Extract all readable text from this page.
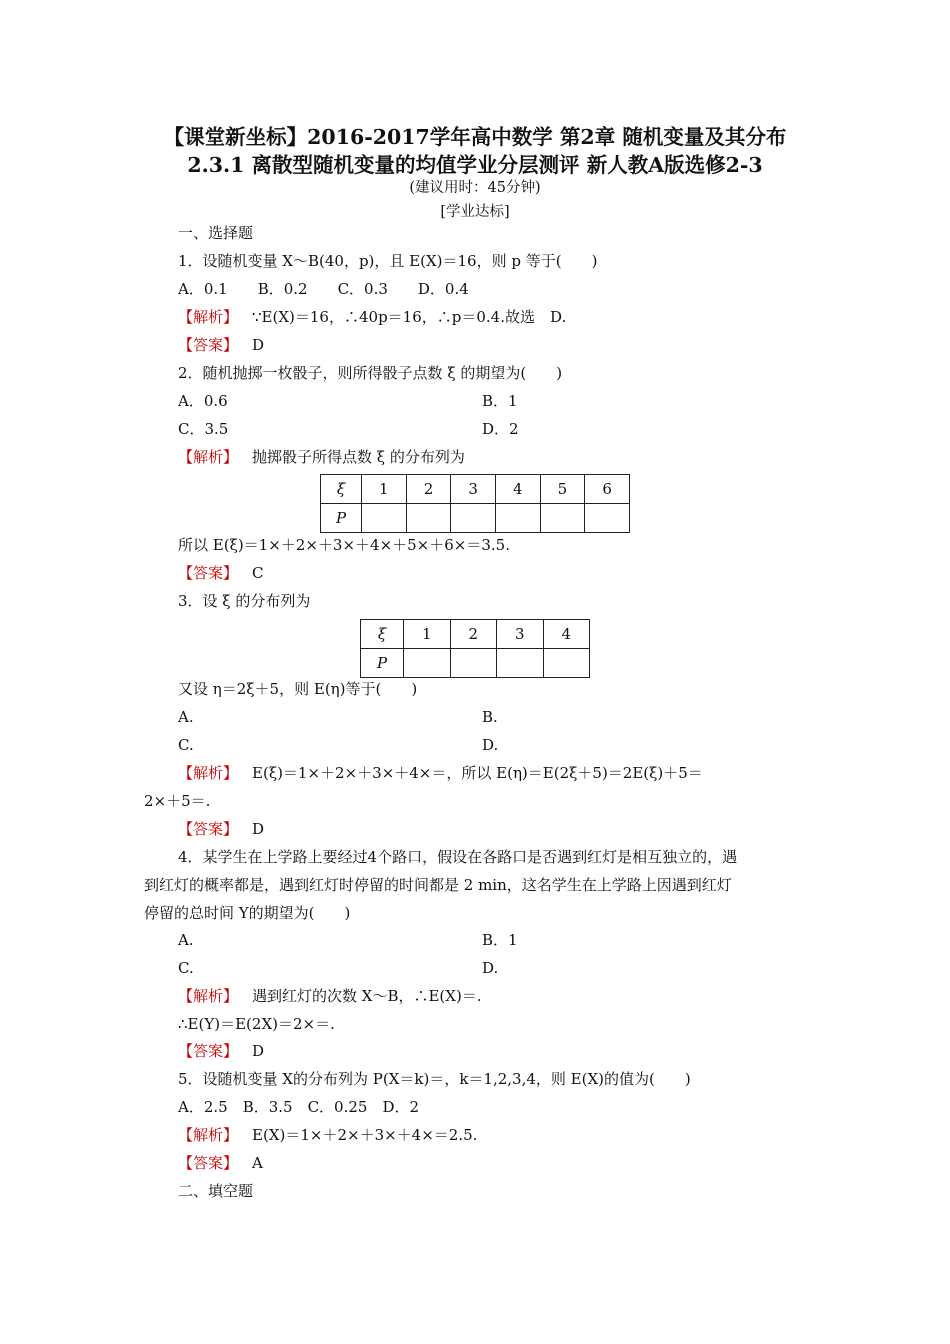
【课堂新坐标】2016-2017学年高中数学 第2章 随机变量及其分布
2.3.1 离散型随机变量的均值学业分层测评 新人教A版选修2-3
(建议用时：45分钟)
[学业达标]
一、选择题
1．设随机变量 X～B(40，p)，且 E(X)＝16，则 p 等于(　　)
A．0.1　　B．0.2　　C．0.3　　D．0.4
【解析】 ∵E(X)＝16，∴40p＝16，∴p＝0.4.故选　D.
【答案】 D
2．随机抛掷一枚骰子，则所得骰子点数 ξ 的期望为(　　)
A．0.6	B．1
C．3.5	D．2
【解析】 抛掷骰子所得点数 ξ 的分布列为
ξ	1	2	3	4	5	6
P						
所以 E(ξ)＝1×＋2×＋3×＋4×＋5×＋6×＝3.5.
【答案】 C
3．设 ξ 的分布列为
ξ	1	2	3	4
P				
又设 η＝2ξ＋5，则 E(η)等于(　　)
A.	B.
C.	D.
【解析】 E(ξ)＝1×＋2×＋3×＋4×＝，所以 E(η)＝E(2ξ＋5)＝2E(ξ)＋5＝
2×＋5＝.
【答案】 D
4．某学生在上学路上要经过4个路口，假设在各路口是否遇到红灯是相互独立的，遇
到红灯的概率都是，遇到红灯时停留的时间都是 2 min，这名学生在上学路上因遇到红灯
停留的总时间 Y的期望为(　　)
A.	B．1
C.	D.
【解析】 遇到红灯的次数 X～B，∴E(X)＝.
∴E(Y)＝E(2X)＝2×＝.
【答案】 D
5．设随机变量 X的分布列为 P(X＝k)＝，k＝1,2,3,4，则 E(X)的值为(　　)
A．2.5　B．3.5　C．0.25　D．2
【解析】 E(X)＝1×＋2×＋3×＋4×＝2.5.
【答案】 A
二、填空题
